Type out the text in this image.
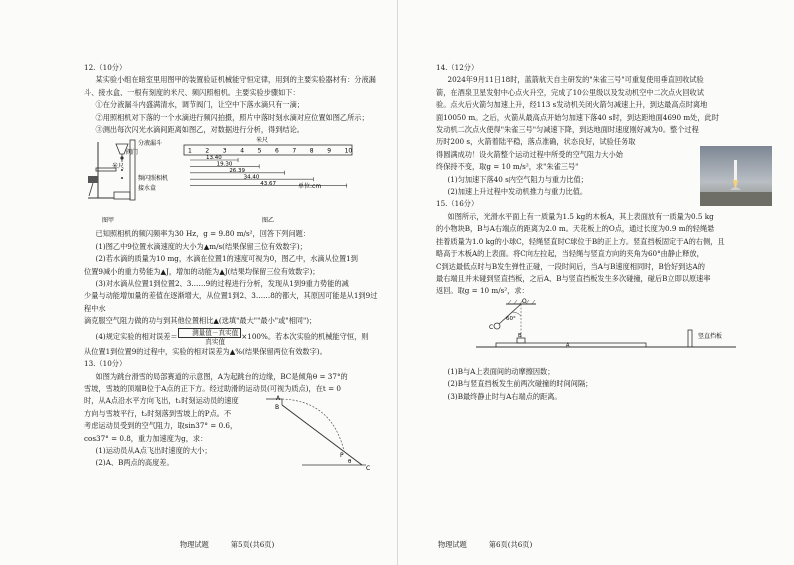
12.（10分）

某实验小组在暗室里用图甲的装置验证机械能守恒定律，用到的主要实验器材有：分液漏斗、接水盒、一根有刻度的米尺、频闪照相机。主要实验步骤如下：

①在分液漏斗内盛满清水，调节阀门，让空中下落水滴只有一滴；

②用照相机对下落的一个水滴进行频闪拍摄，照片中落时刻水滴对应位置如图乙所示；

③测出每次闪光水滴间距离如图乙，对数据进行分析，得到结论。

分液漏斗
阀门
米尺
频闪照相机
接水盒
图甲
米尺
1 2 3 4 5 6 7 8 9 10
13.40
19.30
26.39
34.40
43.67	单位:cm
图乙

已知照相机的频闪频率为30 Hz，g = 9.80 m/s²，回答下列问题：

(1)图乙中9位置水滴速度的大小为▲m/s(结果保留三位有效数字)；

(2)若水滴的质量为10 mg，水滴在位置1的速度可视为0，图乙中，水滴从位置1到

位置9减小的重力势能为▲J，增加的动能为▲J(结果均保留三位有效数字)；

(3)对水滴从位置1到位置2、3……9的过程进行分析，发现从1到9重力势能的减

少量与动能增加量的差值在逐渐增大，从位置1到2、3……8的都大，其原因可能是从1到9过程中水

滴克服空气阻力做的功与到其他位置相比▲(选填"最大""最小"或"相同")；

(4)规定实验的相对误差＝ $\frac{\text{测量值－真实值}}{\text{真实值}} \times 100\%$。若本次实验的机械能守恒，则

从位置1到位置9的过程中，实验的相对误差为▲%(结果保留两位有效数字)。

13.（10分）

如图为跳台滑雪的局部赛道的示意图，A为起跳台的边缘，BC是倾角θ = 37°的

雪坡，雪坡的顶端B位于A点的正下方。经过助滑的运动员(可视为质点)，在t = 0

时，从A点沿水平方向飞出，t₁时刻运动员的速度

方向与雪坡平行，t₂时刻落到雪坡上的P点。不

考虑运动员受到的空气阻力，取sin37° = 0.6，

cos37° = 0.8，重力加速度为g，求：

(1)运动员从A点飞出时速度的大小；

(2)A、B两点的高度差。

A
B
P
C
θ
物理试题	第5页(共6页)

14.（12分）

2024年9月11日18时，蓝箭航天自主研发的"朱雀三号"可重复使用垂直回收试验

箭，在酒泉卫星发射中心点火升空，完成了10公里级以及发动机空中二次点火回收试

验。点火后火箭匀加速上升，经113 s发动机关闭火箭匀减速上升，到达最高点时离地

面10050 m。之后，火箭从最高点开始匀加速下落40 s时，到达距地面4690 m处，此时

发动机二次点火使得"朱雀三号"匀减速下降，到达地面时速度刚好减为0。整个过程

历时200 s，火箭着陆平稳，落点准确，状态良好，试验任务取

得圆满成功！设火箭整个运动过程中所受的空气阻力大小始

终保持不变，取g = 10 m/s²，求"朱雀三号"

(1)匀加速下落40 s内空气阻力与重力比值；

(2)加速上升过程中发动机推力与重力比值。

15.（16分）

如图所示，光滑水平面上有一质量为1.5 kg的木板A，其上表面放有一质量为0.5 kg

的小物块B，B与A右端点的距离为2.0 m。天花板上的O点，通过长度为0.9 m的轻绳悬

挂着质量为1.0 kg的小球C，轻绳竖直时C球位于B的正上方。竖直挡板固定于A的右侧，且

略高于木板A的上表面。将C向左拉起，当轻绳与竖直方向的夹角为60°由静止释放，

C到达最低点时与B发生弹性正碰，一段时间后，当A与B速度相同时，B恰好到达A的

最右端且并未碰到竖直挡板，之后A、B与竖直挡板发生多次碰撞，碰后B立即以原速率

返回。取g = 10 m/s²，求：

O
C
60°
B
A
竖直挡板

(1)B与A上表面间的动摩擦因数；

(2)B与竖直挡板发生前两次碰撞的时间间隔；

(3)B最终静止时与A右端点的距离。

物理试题	第6页(共6页)
